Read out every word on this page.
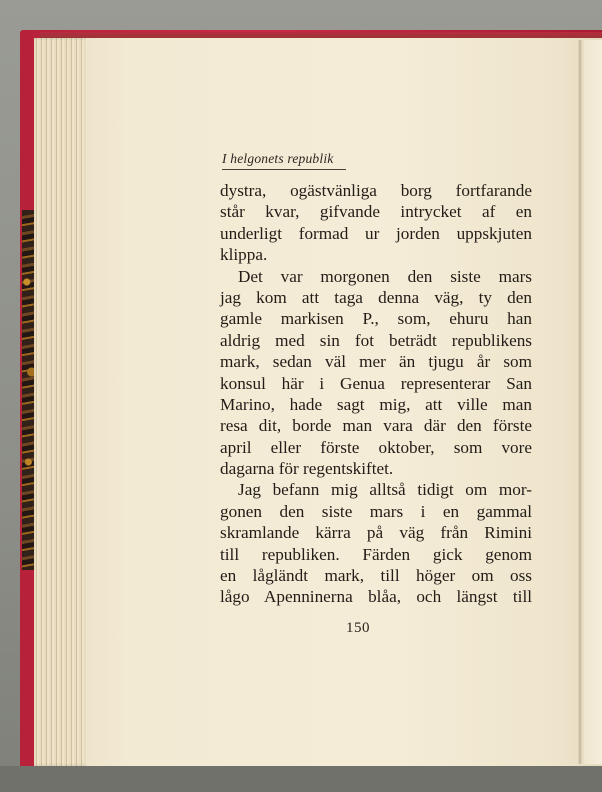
I helgonets republik
dystra, ogästvänliga borg fortfarande
står kvar, gifvande intrycket af en
underligt formad ur jorden uppskjuten
klippa.
Det var morgonen den siste mars
jag kom att taga denna väg, ty den
gamle markisen P., som, ehuru han
aldrig med sin fot beträdt republikens
mark, sedan väl mer än tjugu år som
konsul här i Genua representerar San
Marino, hade sagt mig, att ville man
resa dit, borde man vara där den förste
april eller förste oktober, som vore
dagarna för regentskiftet.
Jag befann mig alltså tidigt om mor-
gonen den siste mars i en gammal
skramlande kärra på väg från Rimini
till republiken. Färden gick genom
en lågländt mark, till höger om oss
lågo Apenninerna blåa, och längst till
150
